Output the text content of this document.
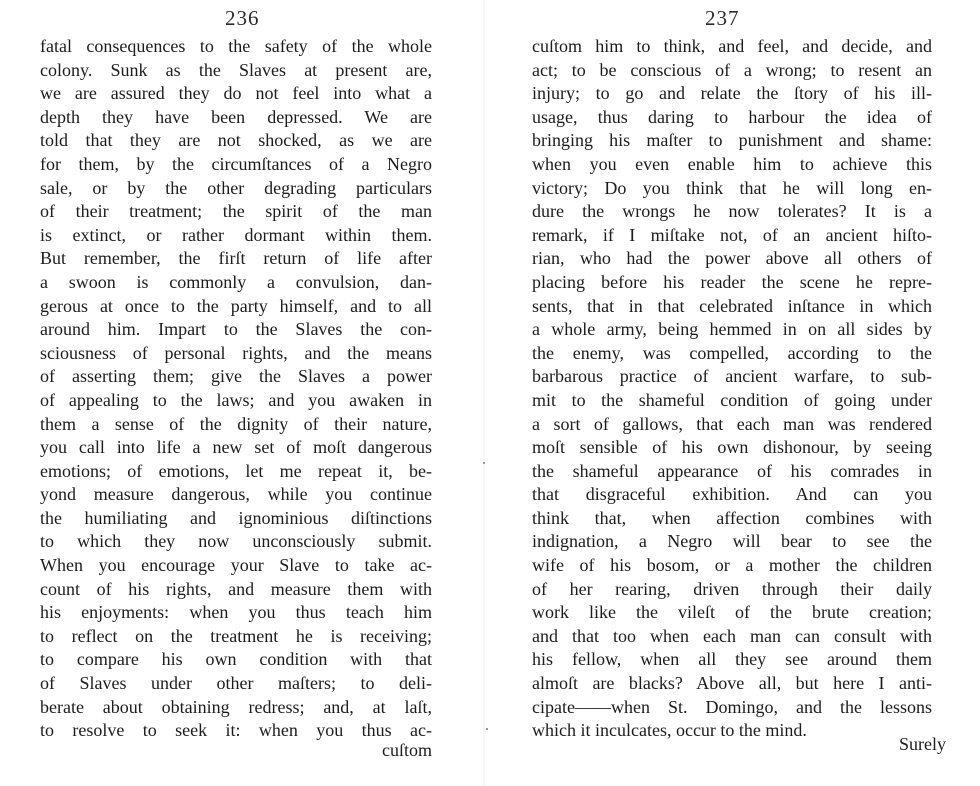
236
fatal consequences to the safety of the whole
colony. Sunk as the Slaves at present are,
we are assured they do not feel into what a
depth they have been depressed. We are
told that they are not shocked, as we are
for them, by the circumſtances of a Negro
sale, or by the other degrading particulars
of their treatment; the spirit of the man
is extinct, or rather dormant within them.
But remember, the firſt return of life after
a swoon is commonly a convulsion, dan-
gerous at once to the party himself, and to all
around him. Impart to the Slaves the con-
sciousness of personal rights, and the means
of asserting them; give the Slaves a power
of appealing to the laws; and you awaken in
them a sense of the dignity of their nature,
you call into life a new set of moſt dangerous
emotions; of emotions, let me repeat it, be-
yond measure dangerous, while you continue
the humiliating and ignominious diſtinctions
to which they now unconsciously submit.
When you encourage your Slave to take ac-
count of his rights, and measure them with
his enjoyments: when you thus teach him
to reflect on the treatment he is receiving;
to compare his own condition with that
of Slaves under other maſters; to deli-
berate about obtaining redress; and, at laſt,
to resolve to seek it: when you thus ac-
cuſtom
237
cuſtom him to think, and feel, and decide, and
act; to be conscious of a wrong; to resent an
injury; to go and relate the ſtory of his ill-
usage, thus daring to harbour the idea of
bringing his maſter to punishment and shame:
when you even enable him to achieve this
victory; Do you think that he will long en-
dure the wrongs he now tolerates? It is a
remark, if I miſtake not, of an ancient hiſto-
rian, who had the power above all others of
placing before his reader the scene he repre-
sents, that in that celebrated inſtance in which
a whole army, being hemmed in on all sides by
the enemy, was compelled, according to the
barbarous practice of ancient warfare, to sub-
mit to the shameful condition of going under
a sort of gallows, that each man was rendered
moſt sensible of his own dishonour, by seeing
the shameful appearance of his comrades in
that disgraceful exhibition. And can you
think that, when affection combines with
indignation, a Negro will bear to see the
wife of his bosom, or a mother the children
of her rearing, driven through their daily
work like the vileſt of the brute creation;
and that too when each man can consult with
his fellow, when all they see around them
almoſt are blacks? Above all, but here I anti-
cipate——when St. Domingo, and the lessons
which it inculcates, occur to the mind.
Surely
